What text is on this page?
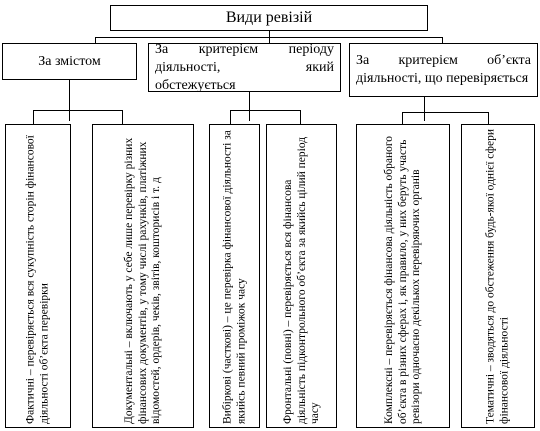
Види ревізій
За змістом
За критерієм періоду діяльності, який обстежується
За критерієм об’єкта діяльності, що перевіряється
Фактичні – перевіряється вся сукупність сторін фінансової діяльності об’єкта перевірки	Документальні – включають у себе лише перевірку різних фінансових документів, у тому числі рахунків, платіжних відомостей, ордерів, чеків, звітів, кошторисів і т. д	Вибіркові (часткові) – це перевірка фінансової діяльності за якийсь певний проміжок часу	Фронтальні (повні) – перевіряється вся фінансова діяльність підконтрольного об’єкта за якийсь цілий період часу	Комплексні – перевіряється фінансова діяльність обраного об’єкта в різних сферах і, як правило, у них беруть участь ревізори одночасно декількох перевіряючих органів	Тематичні – зводяться до обстеження будь-якої однієї сфери фінансової діяльності
